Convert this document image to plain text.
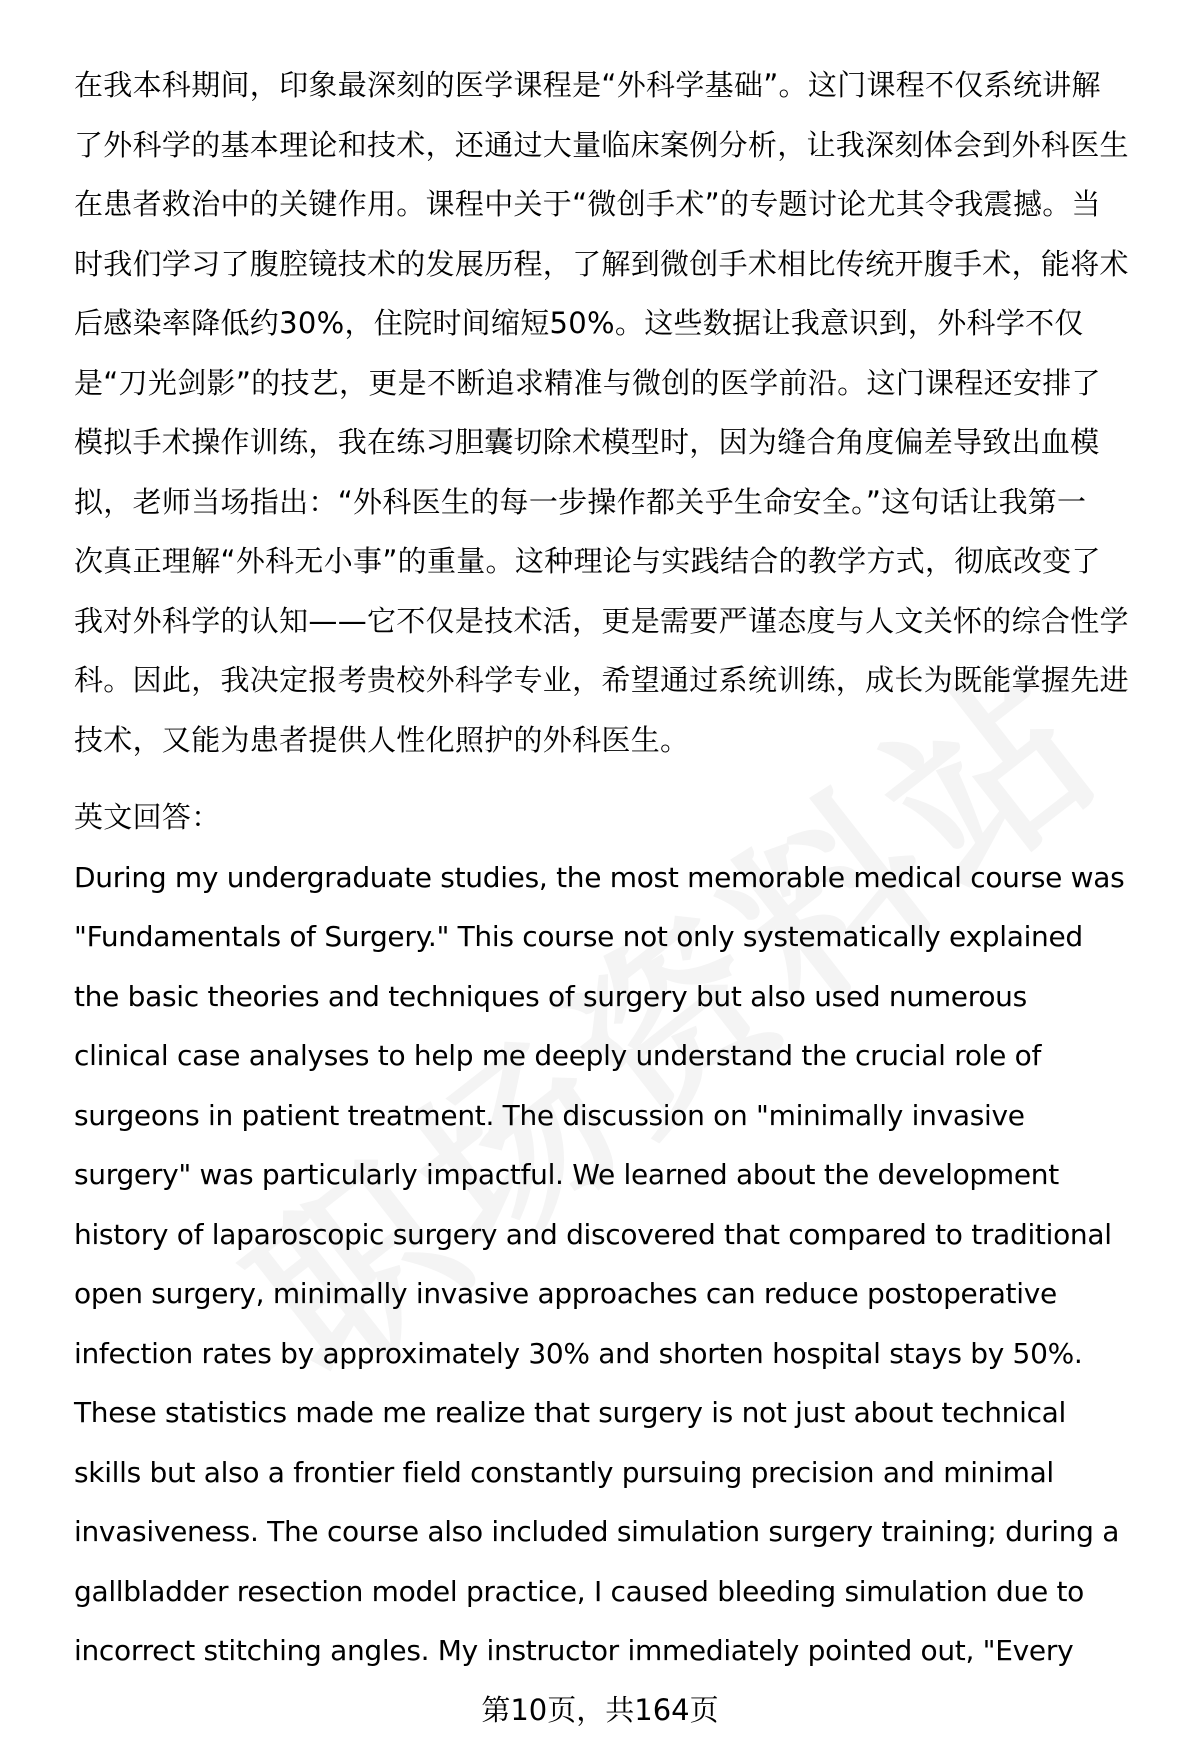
在我本科期间，印象最深刻的医学课程是“外科学基础”。这门课程不仅系统讲解
了外科学的基本理论和技术，还通过大量临床案例分析，让我深刻体会到外科医生
在患者救治中的关键作用。课程中关于“微创手术”的专题讨论尤其令我震撼。当
时我们学习了腹腔镜技术的发展历程，了解到微创手术相比传统开腹手术，能将术
后感染率降低约30%，住院时间缩短50%。这些数据让我意识到，外科学不仅
是“刀光剑影”的技艺，更是不断追求精准与微创的医学前沿。这门课程还安排了
模拟手术操作训练，我在练习胆囊切除术模型时，因为缝合角度偏差导致出血模
拟，老师当场指出：“外科医生的每一步操作都关乎生命安全。”这句话让我第一
次真正理解“外科无小事”的重量。这种理论与实践结合的教学方式，彻底改变了
我对外科学的认知——它不仅是技术活，更是需要严谨态度与人文关怀的综合性学
科。因此，我决定报考贵校外科学专业，希望通过系统训练，成长为既能掌握先进
技术，又能为患者提供人性化照护的外科医生。
英文回答：
During my undergraduate studies, the most memorable medical course was
"Fundamentals of Surgery." This course not only systematically explained
the basic theories and techniques of surgery but also used numerous
clinical case analyses to help me deeply understand the crucial role of
surgeons in patient treatment. The discussion on "minimally invasive
surgery" was particularly impactful. We learned about the development
history of laparoscopic surgery and discovered that compared to traditional
open surgery, minimally invasive approaches can reduce postoperative
infection rates by approximately 30% and shorten hospital stays by 50%.
These statistics made me realize that surgery is not just about technical
skills but also a frontier field constantly pursuing precision and minimal
invasiveness. The course also included simulation surgery training; during a
gallbladder resection model practice, I caused bleeding simulation due to
incorrect stitching angles. My instructor immediately pointed out, "Every
第10页，共164页
